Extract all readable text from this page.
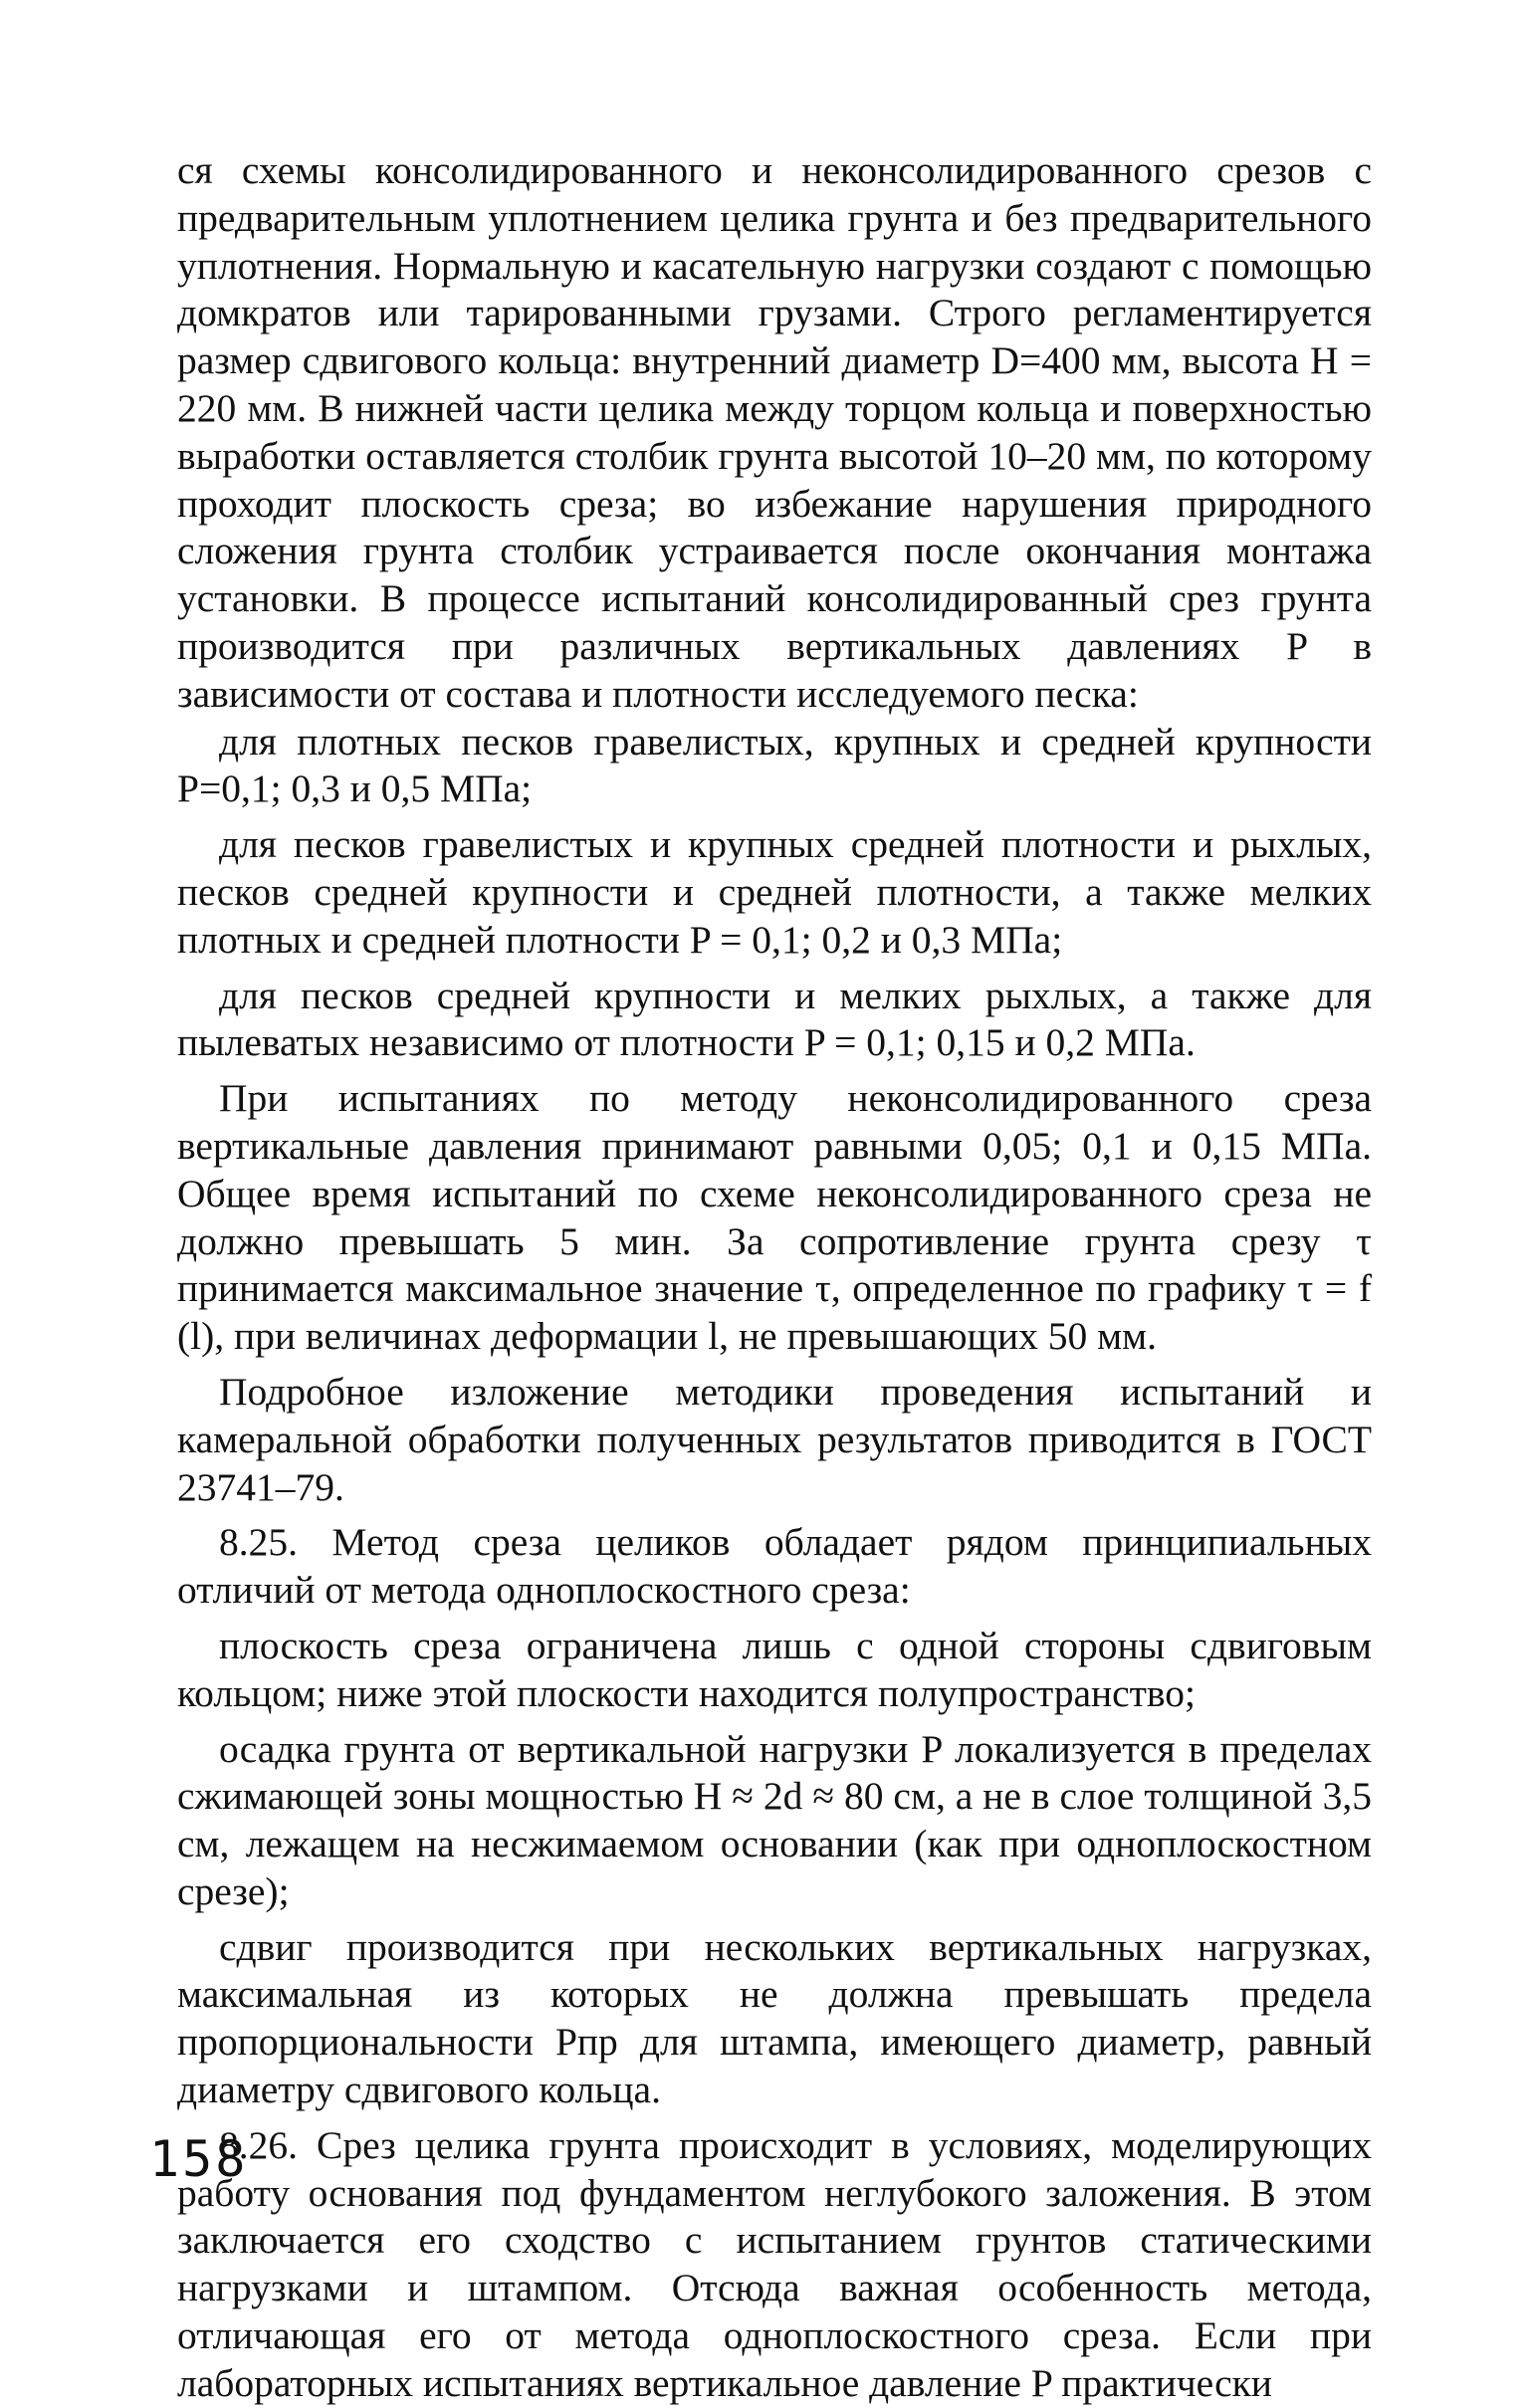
ся схемы консолидированного и неконсолидированного срезов с предварительным уплотнением целика грунта и без предварительного уплотнения. Нормальную и касательную нагрузки создают с помощью домкратов или тарированными грузами. Строго регламентируется размер сдвигового кольца: внутренний диаметр D=400 мм, высота H = 220 мм. В нижней части целика между торцом кольца и поверхностью выработки оставляется столбик грунта высотой 10–20 мм, по которому проходит плоскость среза; во избежание нарушения природного сложения грунта столбик устраивается после окончания монтажа установки. В процессе испытаний консолидированный срез грунта производится при различных вертикальных давлениях P в зависимости от состава и плотности исследуемого песка:

для плотных песков гравелистых, крупных и средней крупности P=0,1; 0,3 и 0,5 МПа;

для песков гравелистых и крупных средней плотности и рыхлых, песков средней крупности и средней плотности, а также мелких плотных и средней плотности P = 0,1; 0,2 и 0,3 МПа;

для песков средней крупности и мелких рыхлых, а также для пылеватых независимо от плотности P = 0,1; 0,15 и 0,2 МПа.

При испытаниях по методу неконсолидированного среза вертикальные давления принимают равными 0,05; 0,1 и 0,15 МПа. Общее время испытаний по схеме неконсолидированного среза не должно превышать 5 мин. За сопротивление грунта срезу τ принимается максимальное значение τ, определенное по графику τ = f (l), при величинах деформации l, не превышающих 50 мм.

Подробное изложение методики проведения испытаний и камеральной обработки полученных результатов приводится в ГОСТ 23741–79.

8.25. Метод среза целиков обладает рядом принципиальных отличий от метода одноплоскостного среза:

плоскость среза ограничена лишь с одной стороны сдвиговым кольцом; ниже этой плоскости находится полупространство;

осадка грунта от вертикальной нагрузки P локализуется в пределах сжимающей зоны мощностью H ≈ 2d ≈ 80 см, а не в слое толщиной 3,5 см, лежащем на несжимаемом основании (как при одноплоскостном срезе);

сдвиг производится при нескольких вертикальных нагрузках, максимальная из которых не должна превышать предела пропорциональности Pпр для штампа, имеющего диаметр, равный диаметру сдвигового кольца.

8.26. Срез целика грунта происходит в условиях, моделирующих работу основания под фундаментом неглубокого заложения. В этом заключается его сходство с испытанием грунтов статическими нагрузками и штампом. Отсюда важная особенность метода, отличающая его от метода одноплоскостного среза. Если при лабораторных испытаниях вертикальное давление P практически

158
